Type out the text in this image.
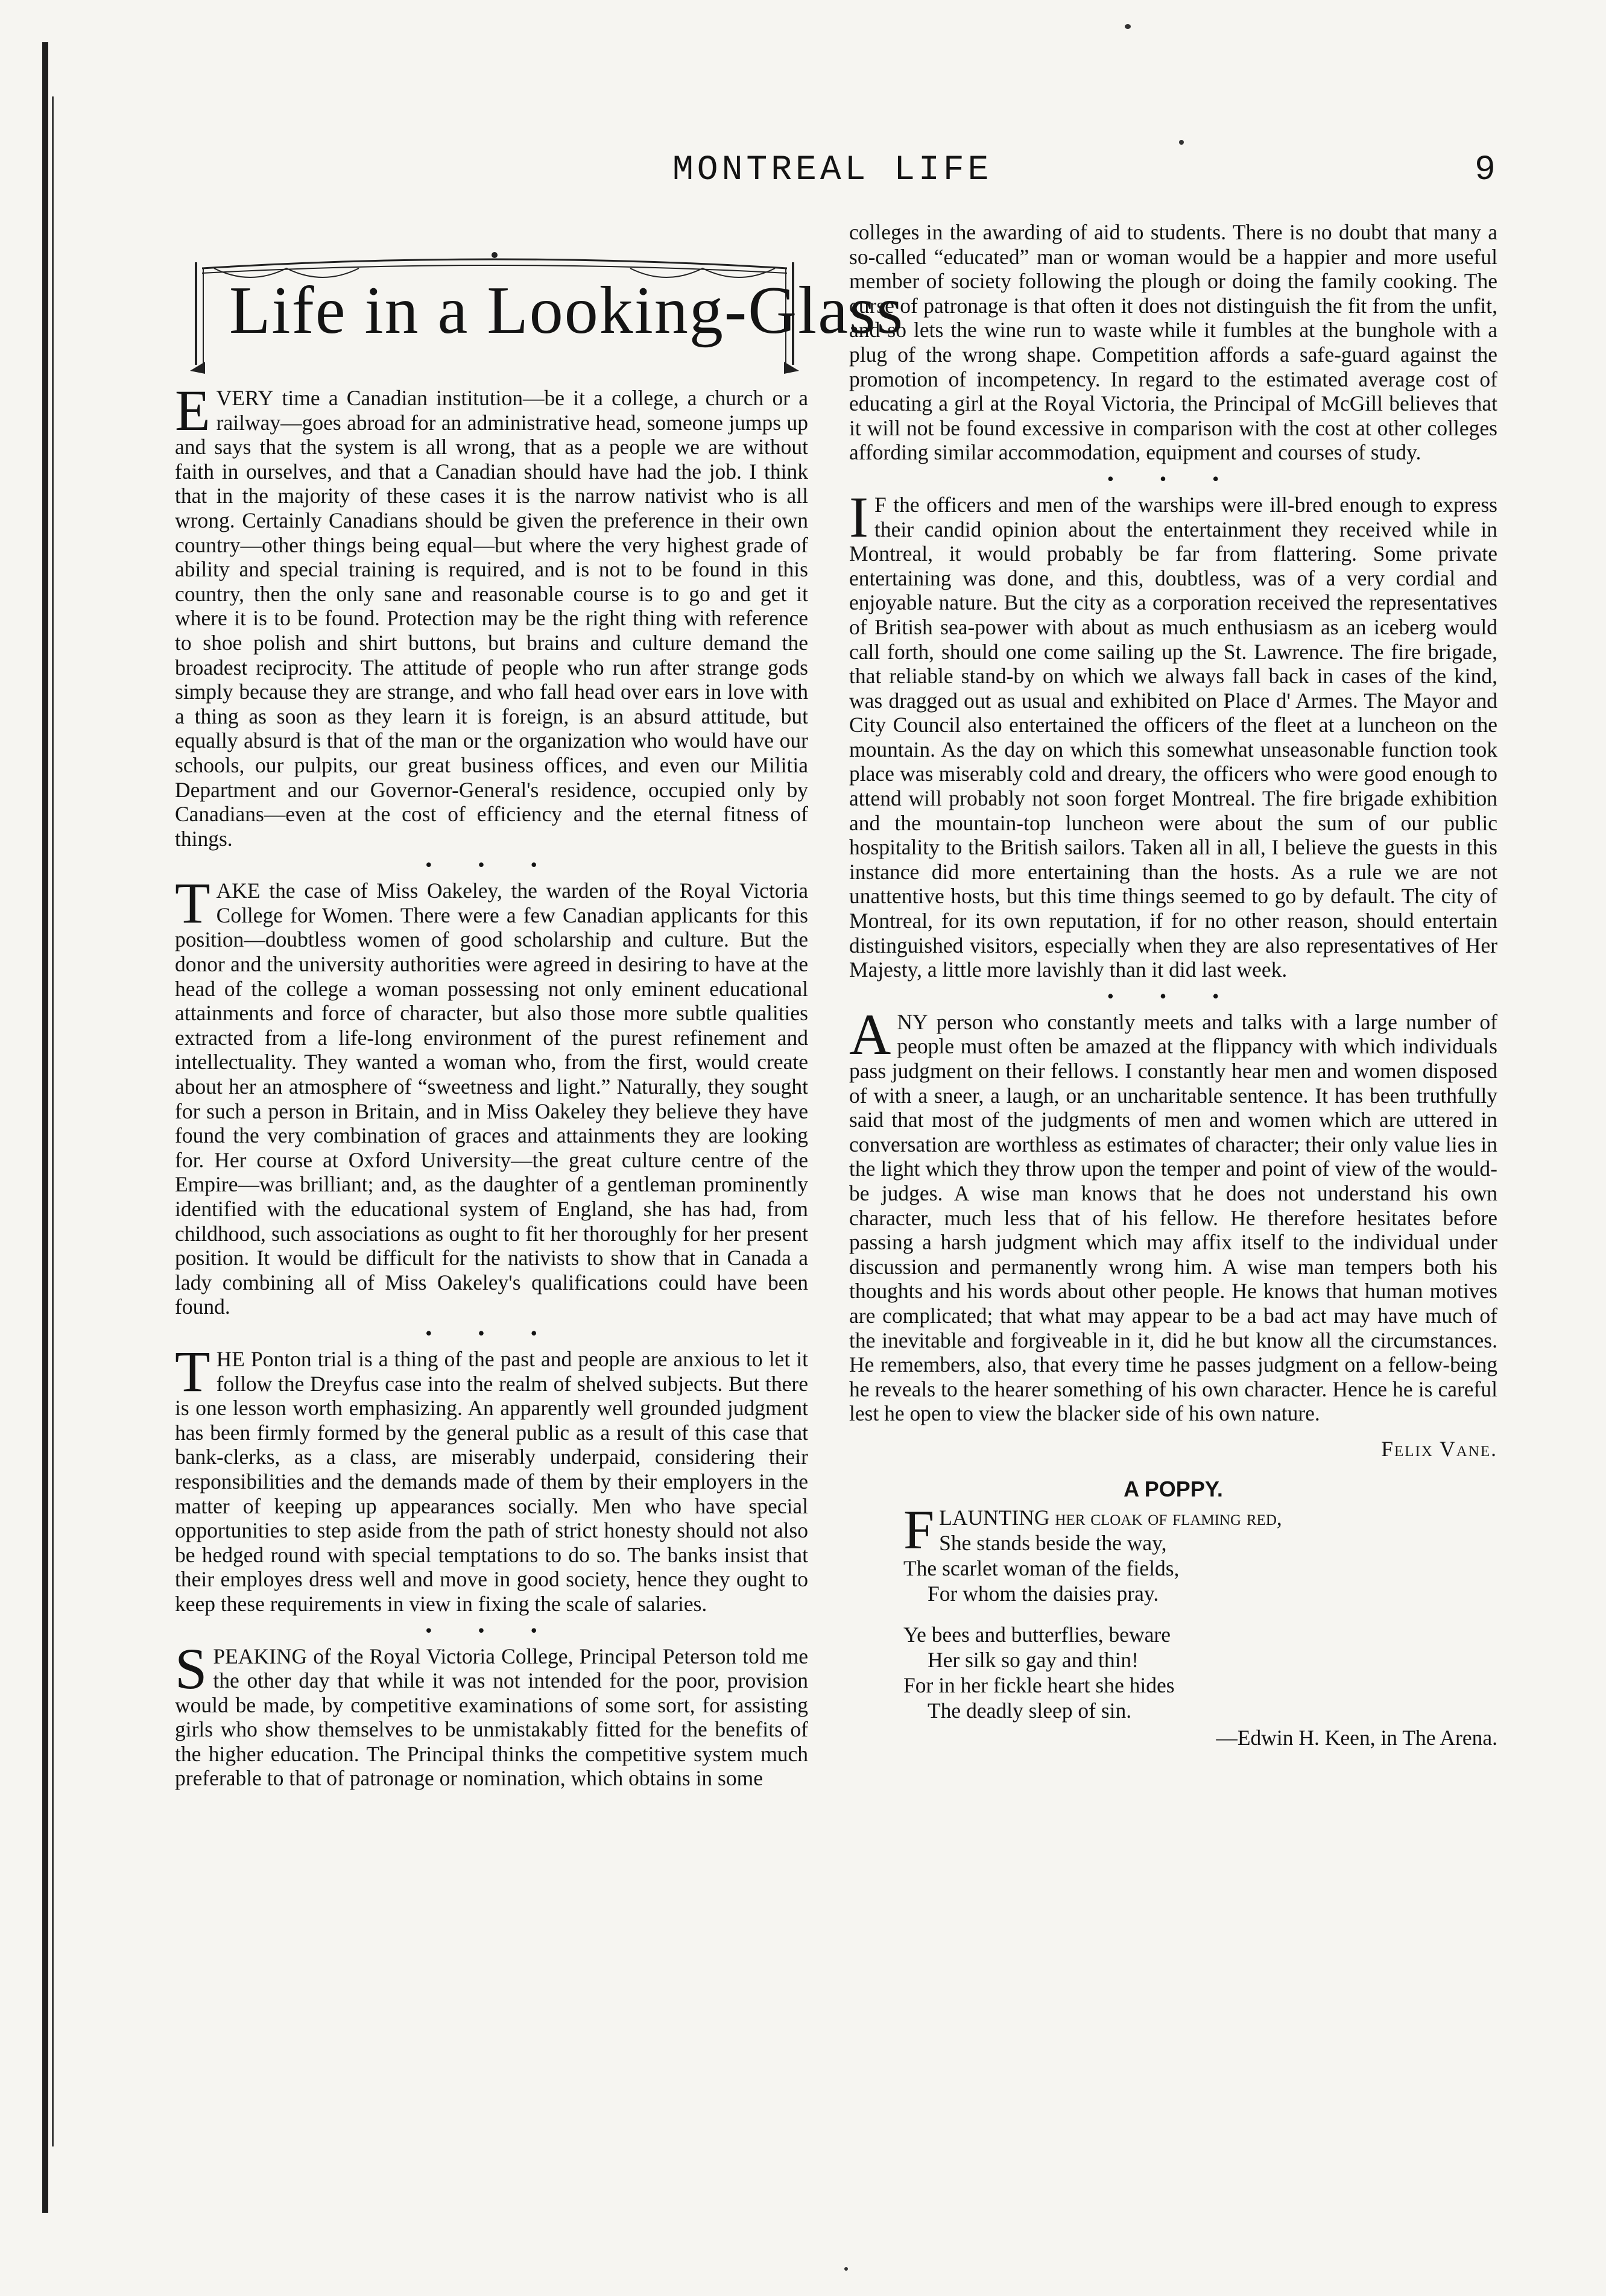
MONTREAL LIFE	9
Life in a Looking-Glass

EVERY time a Canadian institution—be it a college, a church or a railway—goes abroad for an administrative head, someone jumps up and says that the system is all wrong, that as a people we are without faith in ourselves, and that a Canadian should have had the job. I think that in the majority of these cases it is the narrow nativist who is all wrong. Certainly Canadians should be given the preference in their own country—other things being equal—but where the very highest grade of ability and special training is required, and is not to be found in this country, then the only sane and reasonable course is to go and get it where it is to be found. Protection may be the right thing with reference to shoe polish and shirt buttons, but brains and culture demand the broadest reciprocity. The attitude of people who run after strange gods simply because they are strange, and who fall head over ears in love with a thing as soon as they learn it is foreign, is an absurd attitude, but equally absurd is that of the man or the organization who would have our schools, our pulpits, our great business offices, and even our Militia Department and our Governor-General's residence, occupied only by Canadians—even at the cost of efficiency and the eternal fitness of things.

• • •

TAKE the case of Miss Oakeley, the warden of the Royal Victoria College for Women. There were a few Canadian applicants for this position—doubtless women of good scholarship and culture. But the donor and the university authorities were agreed in desiring to have at the head of the college a woman possessing not only eminent educational attainments and force of character, but also those more subtle qualities extracted from a life-long environment of the purest refinement and intellectuality. They wanted a woman who, from the first, would create about her an atmosphere of “sweetness and light.” Naturally, they sought for such a person in Britain, and in Miss Oakeley they believe they have found the very combination of graces and attainments they are looking for. Her course at Oxford University—the great culture centre of the Empire—was brilliant; and, as the daughter of a gentleman prominently identified with the educational system of England, she has had, from childhood, such associations as ought to fit her thoroughly for her present position. It would be difficult for the nativists to show that in Canada a lady combining all of Miss Oakeley's qualifications could have been found.

• • •

THE Ponton trial is a thing of the past and people are anxious to let it follow the Dreyfus case into the realm of shelved subjects. But there is one lesson worth emphasizing. An apparently well grounded judgment has been firmly formed by the general public as a result of this case that bank-clerks, as a class, are miserably underpaid, considering their responsibilities and the demands made of them by their employers in the matter of keeping up appearances socially. Men who have special opportunities to step aside from the path of strict honesty should not also be hedged round with special temptations to do so. The banks insist that their employes dress well and move in good society, hence they ought to keep these requirements in view in fixing the scale of salaries.

• • •

SPEAKING of the Royal Victoria College, Principal Peterson told me the other day that while it was not intended for the poor, provision would be made, by competitive examinations of some sort, for assisting girls who show themselves to be unmistakably fitted for the benefits of the higher education. The Principal thinks the competitive system much preferable to that of patronage or nomination, which obtains in some

colleges in the awarding of aid to students. There is no doubt that many a so-called “educated” man or woman would be a happier and more useful member of society following the plough or doing the family cooking. The curse of patronage is that often it does not distinguish the fit from the unfit, and so lets the wine run to waste while it fumbles at the bunghole with a plug of the wrong shape. Competition affords a safe-guard against the promotion of incompetency. In regard to the estimated average cost of educating a girl at the Royal Victoria, the Principal of McGill believes that it will not be found excessive in comparison with the cost at other colleges affording similar accommodation, equipment and courses of study.

• • •

I F the officers and men of the warships were ill-bred enough to express their candid opinion about the entertainment they received while in Montreal, it would probably be far from flattering. Some private entertaining was done, and this, doubtless, was of a very cordial and enjoyable nature. But the city as a corporation received the representatives of British sea-power with about as much enthusiasm as an iceberg would call forth, should one come sailing up the St. Lawrence. The fire brigade, that reliable stand-by on which we always fall back in cases of the kind, was dragged out as usual and exhibited on Place d' Armes. The Mayor and City Council also entertained the officers of the fleet at a luncheon on the mountain. As the day on which this somewhat unseasonable function took place was miserably cold and dreary, the officers who were good enough to attend will probably not soon forget Montreal. The fire brigade exhibition and the mountain-top luncheon were about the sum of our public hospitality to the British sailors. Taken all in all, I believe the guests in this instance did more entertaining than the hosts. As a rule we are not unattentive hosts, but this time things seemed to go by default. The city of Montreal, for its own reputation, if for no other reason, should entertain distinguished visitors, especially when they are also representatives of Her Majesty, a little more lavishly than it did last week.

• • •

ANY person who constantly meets and talks with a large number of people must often be amazed at the flippancy with which individuals pass judgment on their fellows. I constantly hear men and women disposed of with a sneer, a laugh, or an uncharitable sentence. It has been truthfully said that most of the judgments of men and women which are uttered in conversation are worthless as estimates of character; their only value lies in the light which they throw upon the temper and point of view of the would-be judges. A wise man knows that he does not understand his own character, much less that of his fellow. He therefore hesitates before passing a harsh judgment which may affix itself to the individual under discussion and permanently wrong him. A wise man tempers both his thoughts and his words about other people. He knows that human motives are complicated; that what may appear to be a bad act may have much of the inevitable and forgiveable in it, did he but know all the circumstances. He remembers, also, that every time he passes judgment on a fellow-being he reveals to the hearer something of his own character. Hence he is careful lest he open to view the blacker side of his own nature.

Felix Vane.

A POPPY.

FLAUNTING her cloak of flaming red,
She stands beside the way,
The scarlet woman of the fields,
For whom the daisies pray.
Ye bees and butterflies, beware
Her silk so gay and thin!
For in her fickle heart she hides
The deadly sleep of sin.

—Edwin H. Keen, in The Arena.
